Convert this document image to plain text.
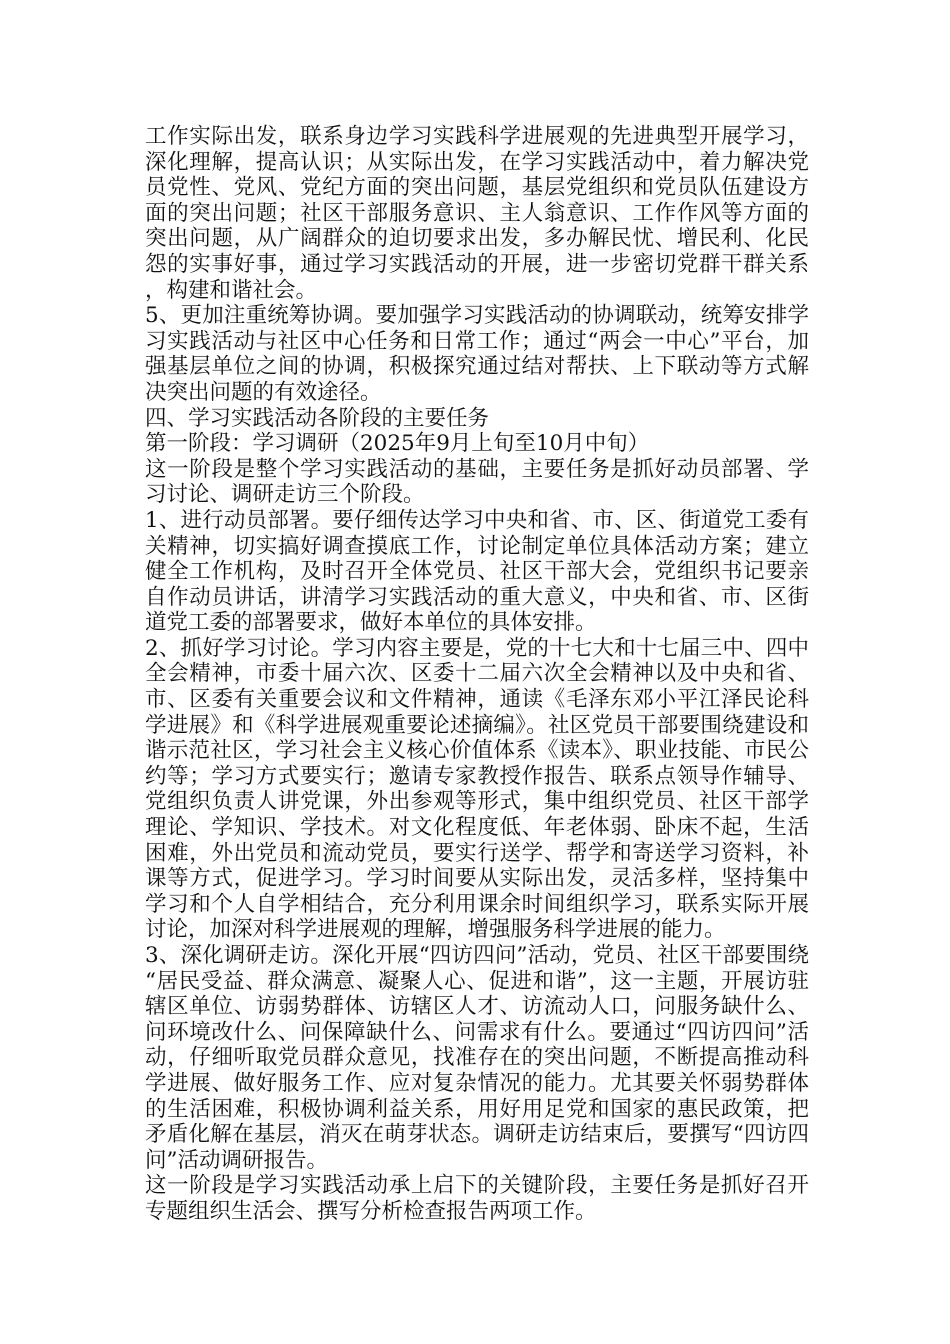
工作实际出发，联系身边学习实践科学进展观的先进典型开展学习，深化理解，提高认识；从实际出发，在学习实践活动中，着力解决党员党性、党风、党纪方面的突出问题，基层党组织和党员队伍建设方面的突出问题；社区干部服务意识、主人翁意识、工作作风等方面的突出问题，从广阔群众的迫切要求出发，多办解民忧、增民利、化民怨的实事好事，通过学习实践活动的开展，进一步密切党群干群关系，构建和谐社会。

5、更加注重统筹协调。要加强学习实践活动的协调联动，统筹安排学习实践活动与社区中心任务和日常工作；通过“两会一中心”平台，加强基层单位之间的协调，积极探究通过结对帮扶、上下联动等方式解决突出问题的有效途径。

四、学习实践活动各阶段的主要任务

第一阶段：学习调研（2025年9月上旬至10月中旬）

这一阶段是整个学习实践活动的基础，主要任务是抓好动员部署、学习讨论、调研走访三个阶段。

1、进行动员部署。要仔细传达学习中央和省、市、区、街道党工委有关精神，切实搞好调查摸底工作，讨论制定单位具体活动方案；建立健全工作机构，及时召开全体党员、社区干部大会，党组织书记要亲自作动员讲话，讲清学习实践活动的重大意义，中央和省、市、区街道党工委的部署要求，做好本单位的具体安排。

2、抓好学习讨论。学习内容主要是，党的十七大和十七届三中、四中全会精神，市委十届六次、区委十二届六次全会精神以及中央和省、市、区委有关重要会议和文件精神，通读《毛泽东邓小平江泽民论科学进展》和《科学进展观重要论述摘编》。社区党员干部要围绕建设和谐示范社区，学习社会主义核心价值体系《读本》、职业技能、市民公约等；学习方式要实行；邀请专家教授作报告、联系点领导作辅导、党组织负责人讲党课，外出参观等形式，集中组织党员、社区干部学理论、学知识、学技术。对文化程度低、年老体弱、卧床不起，生活困难，外出党员和流动党员，要实行送学、帮学和寄送学习资料，补课等方式，促进学习。学习时间要从实际出发，灵活多样，坚持集中学习和个人自学相结合，充分利用课余时间组织学习，联系实际开展讨论，加深对科学进展观的理解，增强服务科学进展的能力。

3、深化调研走访。深化开展“四访四问”活动，党员、社区干部要围绕“居民受益、群众满意、凝聚人心、促进和谐”，这一主题，开展访驻辖区单位、访弱势群体、访辖区人才、访流动人口，问服务缺什么、问环境改什么、问保障缺什么、问需求有什么。要通过“四访四问”活动，仔细听取党员群众意见，找准存在的突出问题，不断提高推动科学进展、做好服务工作、应对复杂情况的能力。尤其要关怀弱势群体的生活困难，积极协调利益关系，用好用足党和国家的惠民政策，把矛盾化解在基层，消灭在萌芽状态。调研走访结束后，要撰写“四访四问”活动调研报告。

这一阶段是学习实践活动承上启下的关键阶段，主要任务是抓好召开专题组织生活会、撰写分析检查报告两项工作。
